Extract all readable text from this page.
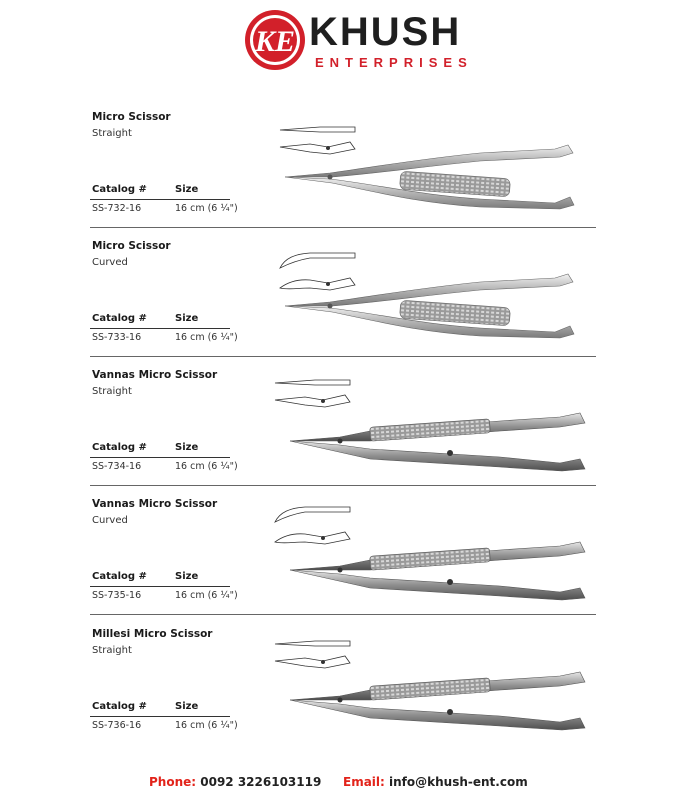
KE KHUSH
ENTERPRISES
Micro Scissor
Straight
Catalog #	Size
SS-732-16	16 cm (6 ¼")
Micro Scissor
Curved
Catalog #	Size
SS-733-16	16 cm (6 ¼")
Vannas Micro Scissor
Straight
Catalog #	Size
SS-734-16	16 cm (6 ¼")
Vannas Micro Scissor
Curved
Catalog #	Size
SS-735-16	16 cm (6 ¼")
Millesi Micro Scissor
Straight
Catalog #	Size
SS-736-16	16 cm (6 ¼")
Phone: 0092 3226103119 Email: info@khush-ent.com
